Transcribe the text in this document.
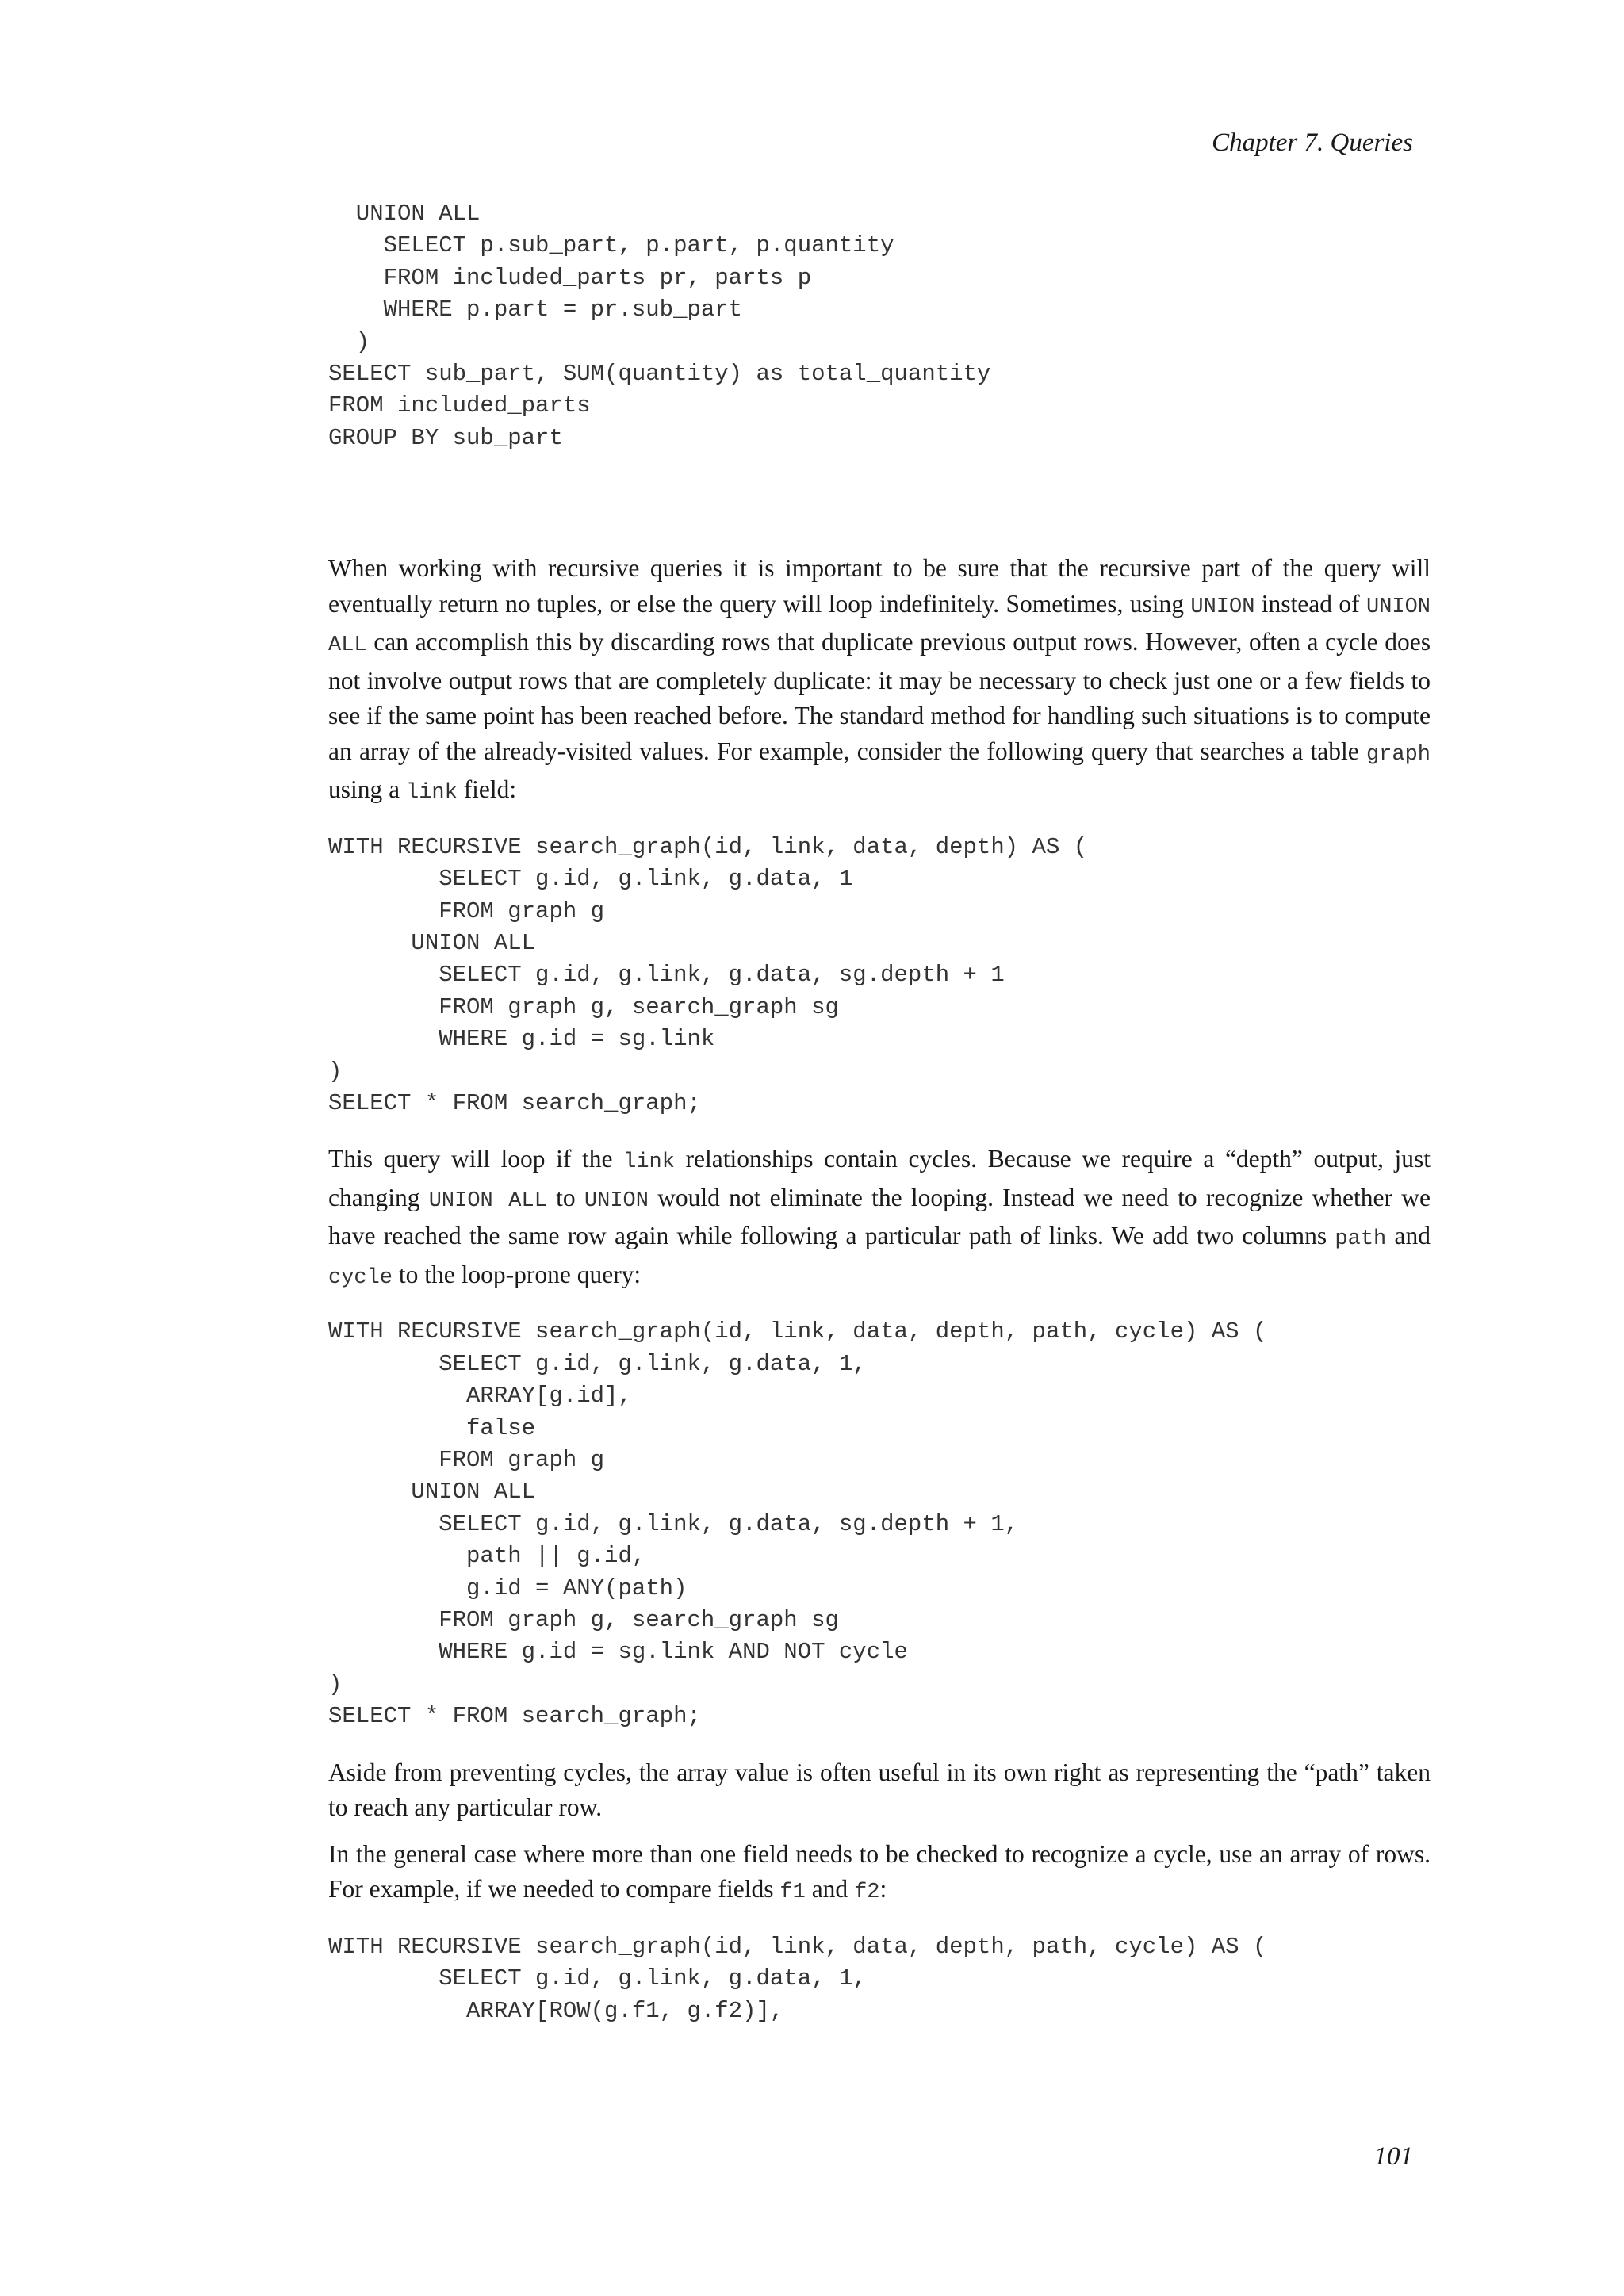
Chapter 7. Queries
UNION ALL
SELECT p.sub_part, p.part, p.quantity
FROM included_parts pr, parts p
WHERE p.part = pr.sub_part
)
SELECT sub_part, SUM(quantity) as total_quantity
FROM included_parts
GROUP BY sub_part

When working with recursive queries it is important to be sure that the recursive part of the query will eventually return no tuples, or else the query will loop indefinitely. Sometimes, using UNION instead of UNION ALL can accomplish this by discarding rows that duplicate previous output rows. However, often a cycle does not involve output rows that are completely duplicate: it may be necessary to check just one or a few fields to see if the same point has been reached before. The standard method for handling such situations is to compute an array of the already-visited values. For example, consider the following query that searches a table graph using a link field:

WITH RECURSIVE search_graph(id, link, data, depth) AS (
SELECT g.id, g.link, g.data, 1
FROM graph g
UNION ALL
SELECT g.id, g.link, g.data, sg.depth + 1
FROM graph g, search_graph sg
WHERE g.id = sg.link
)
SELECT * FROM search_graph;

This query will loop if the link relationships contain cycles. Because we require a “depth” output, just changing UNION ALL to UNION would not eliminate the looping. Instead we need to recognize whether we have reached the same row again while following a particular path of links. We add two columns path and cycle to the loop-prone query:

WITH RECURSIVE search_graph(id, link, data, depth, path, cycle) AS (
SELECT g.id, g.link, g.data, 1,
ARRAY[g.id],
false
FROM graph g
UNION ALL
SELECT g.id, g.link, g.data, sg.depth + 1,
path || g.id,
g.id = ANY(path)
FROM graph g, search_graph sg
WHERE g.id = sg.link AND NOT cycle
)
SELECT * FROM search_graph;

Aside from preventing cycles, the array value is often useful in its own right as representing the “path” taken to reach any particular row.

In the general case where more than one field needs to be checked to recognize a cycle, use an array of rows. For example, if we needed to compare fields f1 and f2:

WITH RECURSIVE search_graph(id, link, data, depth, path, cycle) AS (
SELECT g.id, g.link, g.data, 1,
ARRAY[ROW(g.f1, g.f2)],
101
